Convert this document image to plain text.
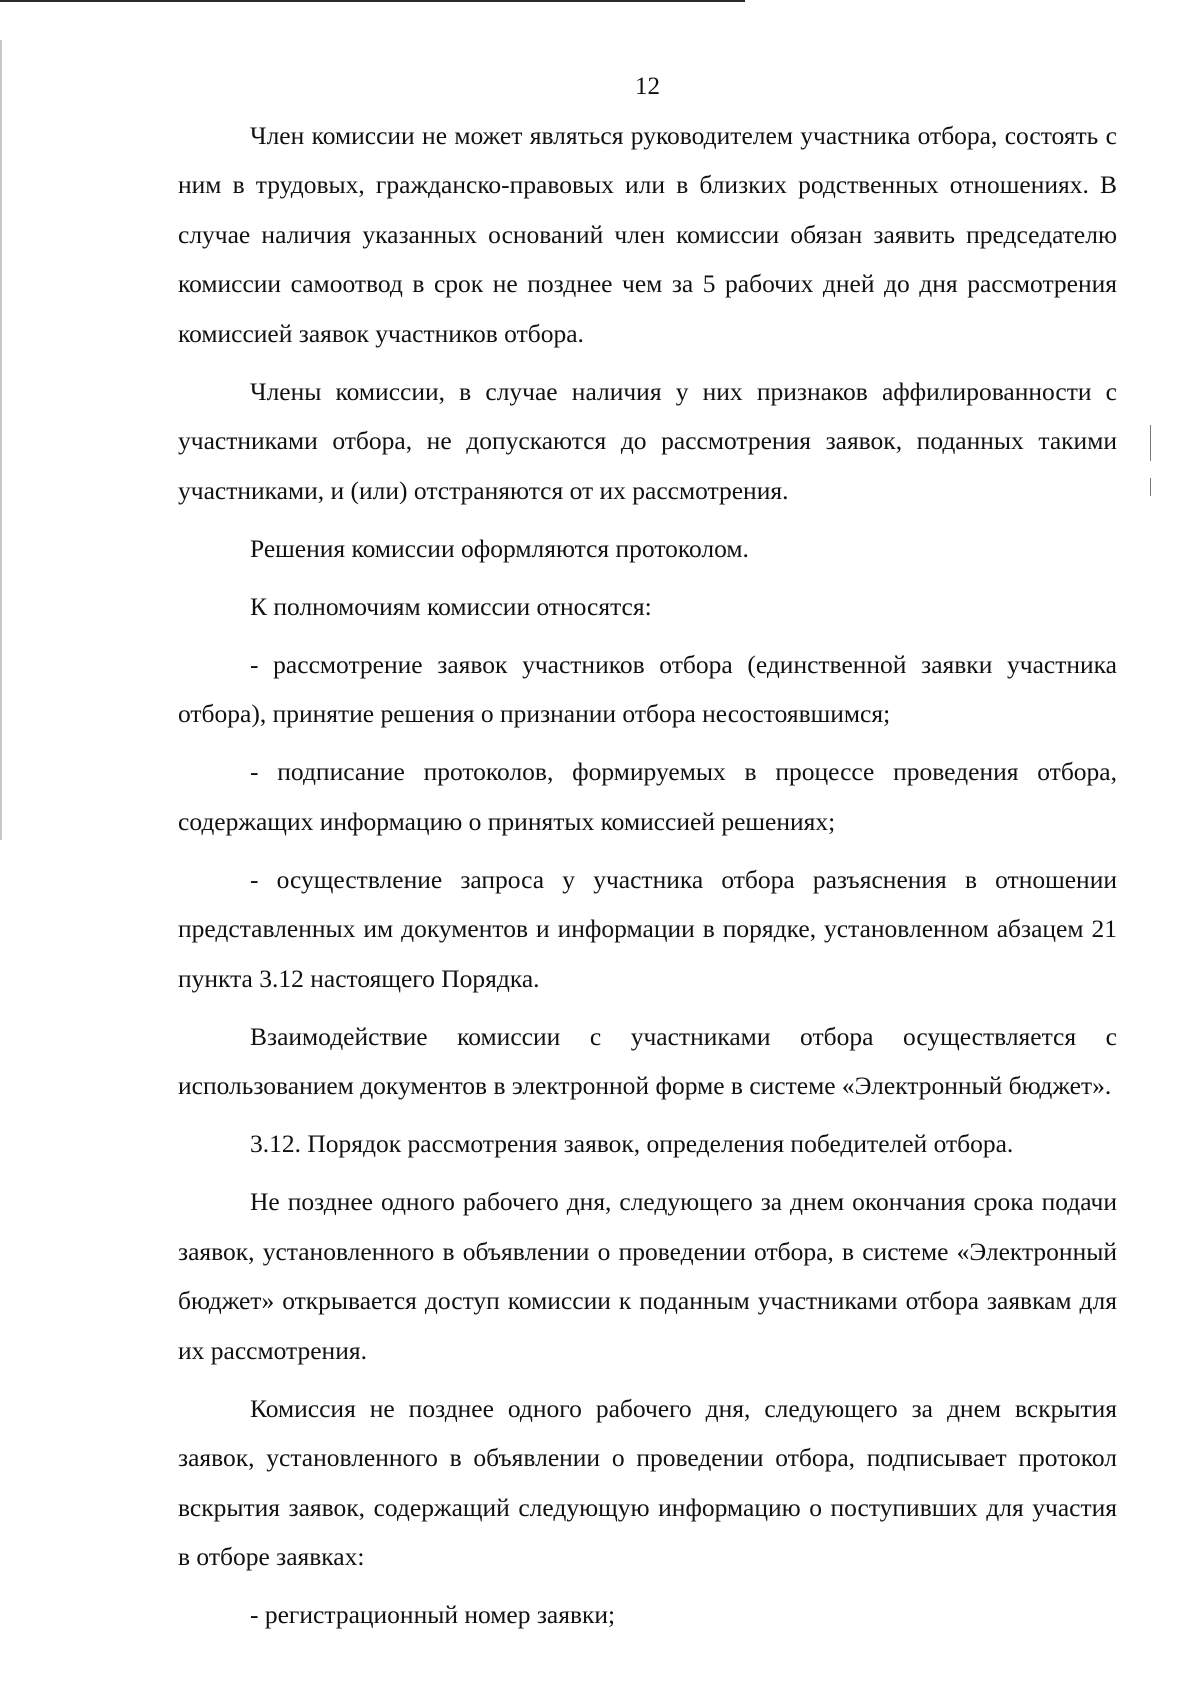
12

Член комиссии не может являться руководителем участника отбора, состоять с ним в трудовых, гражданско-правовых или в близких родственных отношениях. В случае наличия указанных оснований член комиссии обязан заявить председателю комиссии самоотвод в срок не позднее чем за 5 рабочих дней до дня рассмотрения комиссией заявок участников отбора.

Члены комиссии, в случае наличия у них признаков аффилированности с участниками отбора, не допускаются до рассмотрения заявок, поданных такими участниками, и (или) отстраняются от их рассмотрения.

Решения комиссии оформляются протоколом.

К полномочиям комиссии относятся:

- рассмотрение заявок участников отбора (единственной заявки участника отбора), принятие решения о признании отбора несостоявшимся;

- подписание протоколов, формируемых в процессе проведения отбора, содержащих информацию о принятых комиссией решениях;

- осуществление запроса у участника отбора разъяснения в отношении представленных им документов и информации в порядке, установленном абзацем 21 пункта 3.12 настоящего Порядка.

Взаимодействие комиссии с участниками отбора осуществляется с использованием документов в электронной форме в системе «Электронный бюджет».

3.12. Порядок рассмотрения заявок, определения победителей отбора.

Не позднее одного рабочего дня, следующего за днем окончания срока подачи заявок, установленного в объявлении о проведении отбора, в системе «Электронный бюджет» открывается доступ комиссии к поданным участниками отбора заявкам для их рассмотрения.

Комиссия не позднее одного рабочего дня, следующего за днем вскрытия заявок, установленного в объявлении о проведении отбора, подписывает протокол вскрытия заявок, содержащий следующую информацию о поступивших для участия в отборе заявках:

- регистрационный номер заявки;
